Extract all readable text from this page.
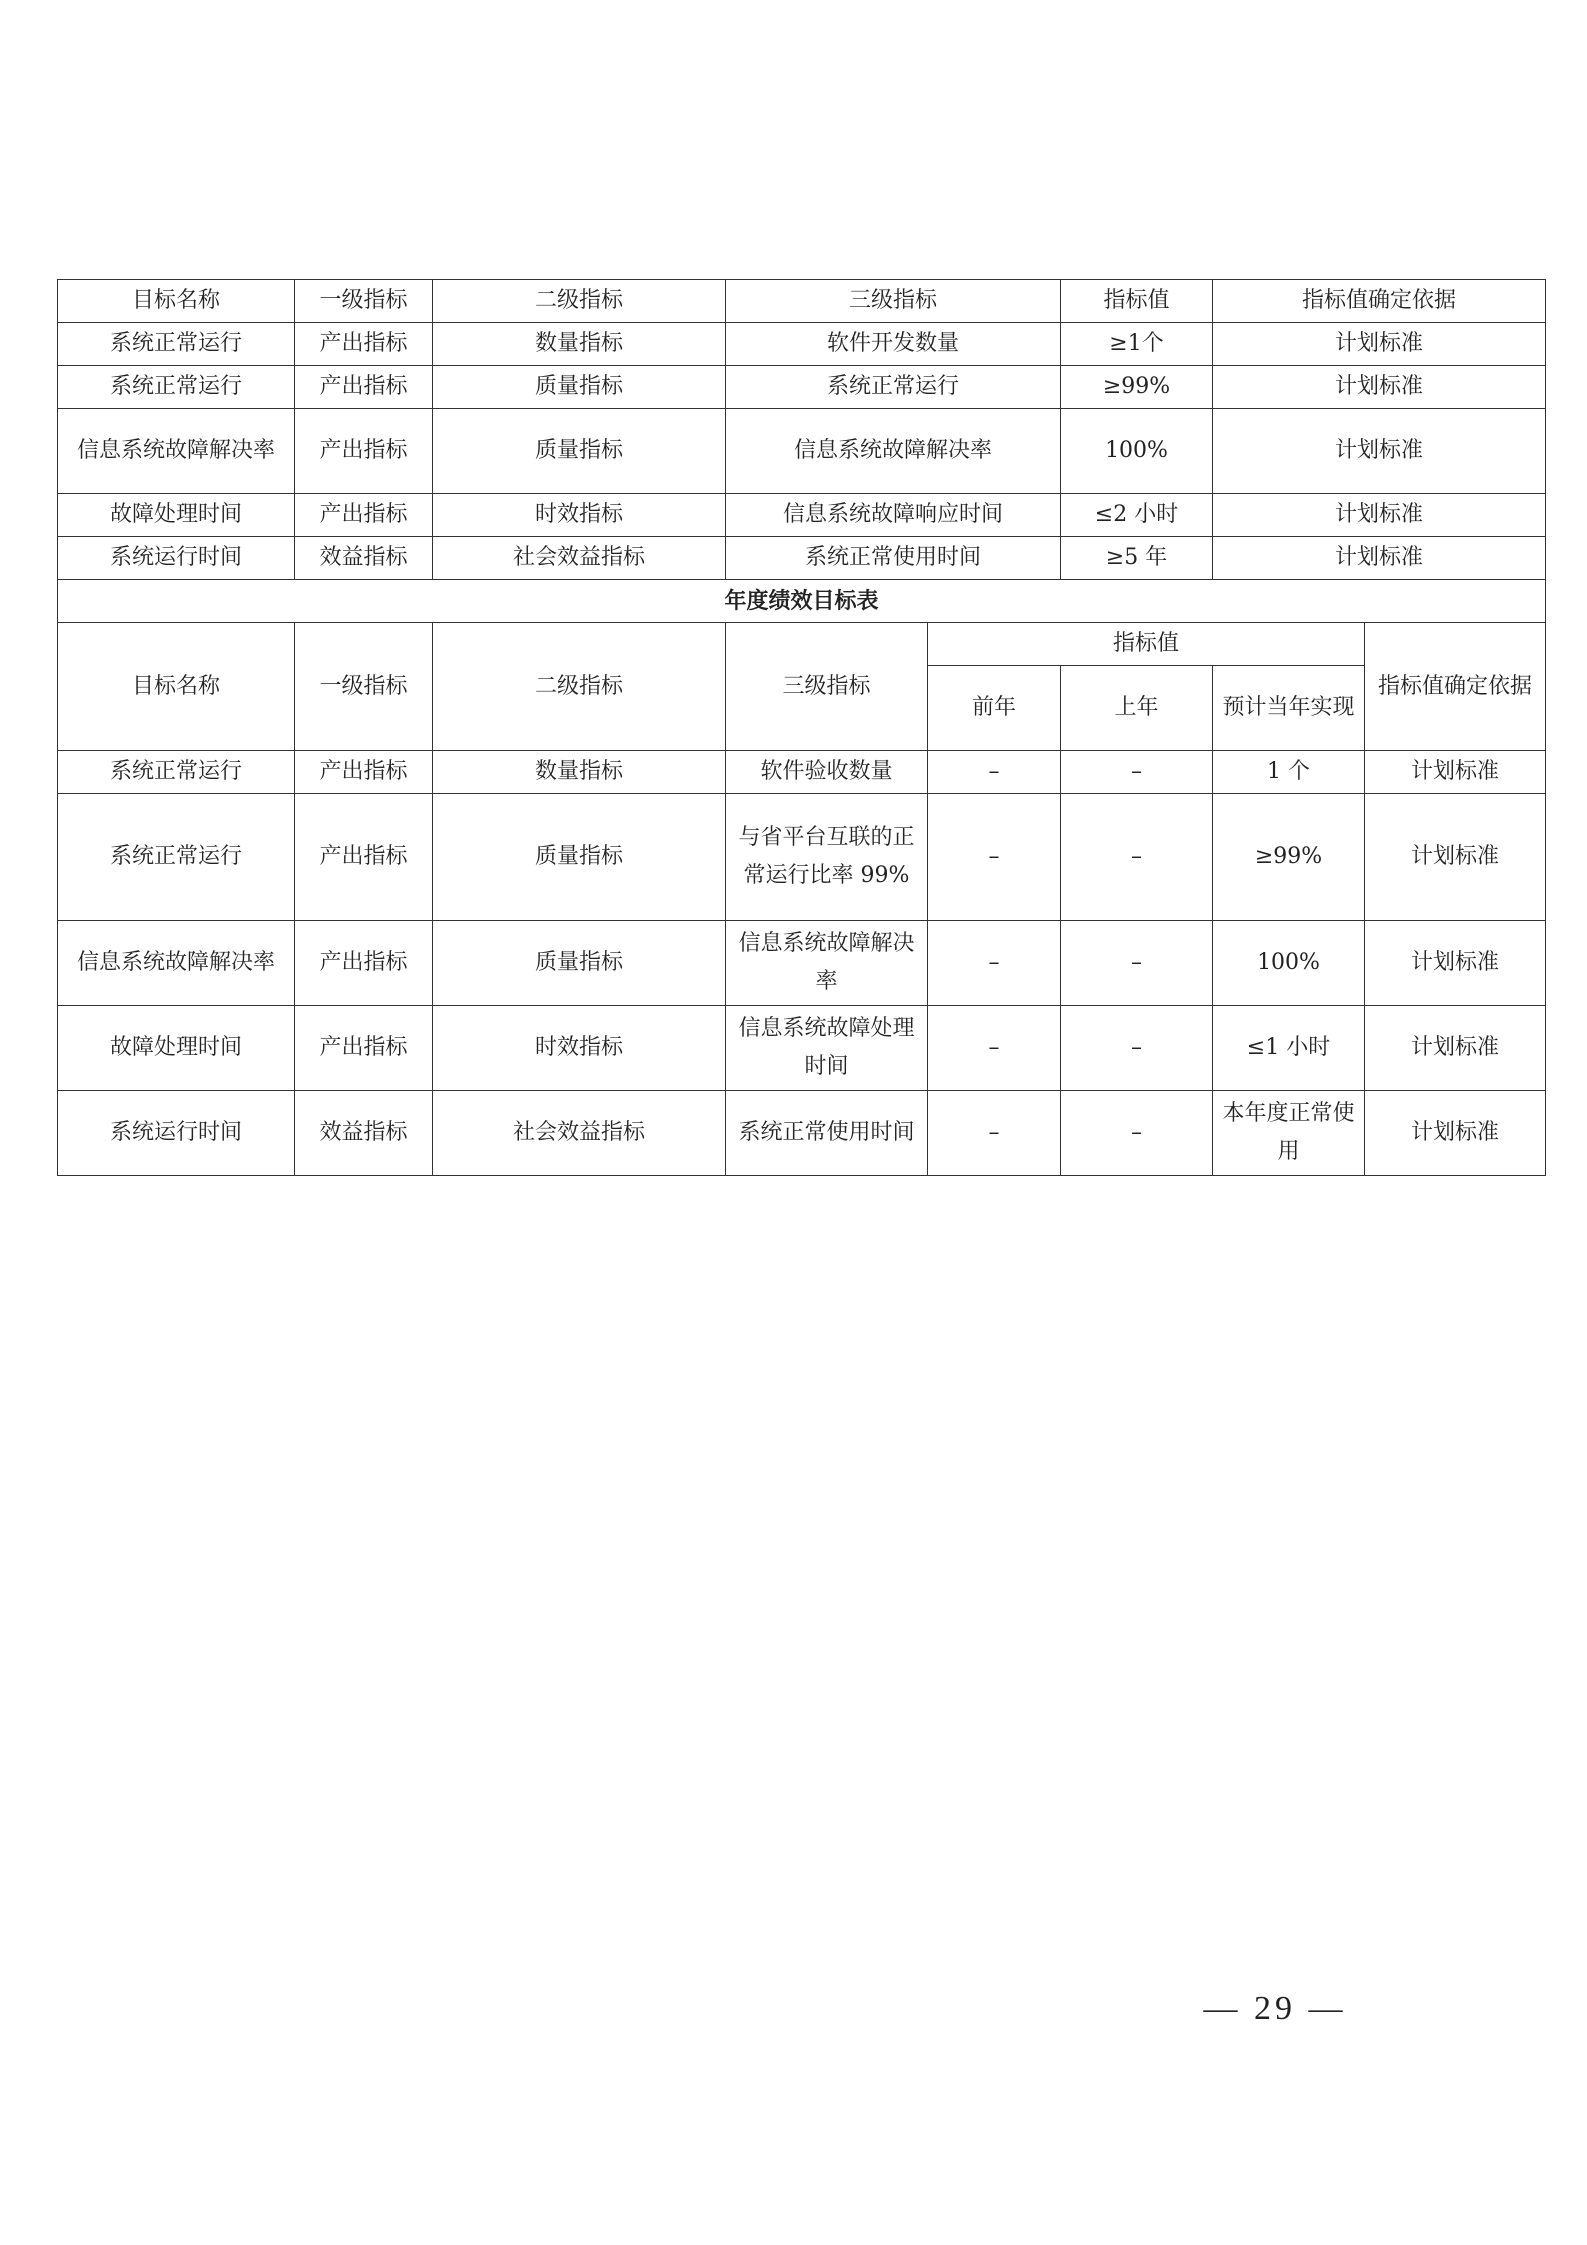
目标名称	一级指标	二级指标	三级指标		指标值	指标值确定依据	
系统正常运行	产出指标	数量指标	软件开发数量		≥1个	计划标准	
系统正常运行	产出指标	质量指标	系统正常运行		≥99%	计划标准	
信息系统故障解决率	产出指标	质量指标	信息系统故障解决率		100%	计划标准	
故障处理时间	产出指标	时效指标	信息系统故障响应时间		≤2 小时	计划标准	
系统运行时间	效益指标	社会效益指标	系统正常使用时间		≥5 年	计划标准	
年度绩效目标表							
目标名称	一级指标	二级指标	三级指标	指标值			指标值确定依据
				前年	上年	预计当年实现	
系统正常运行	产出指标	数量指标	软件验收数量	–	–	1 个	计划标准
系统正常运行	产出指标	质量指标	与省平台互联的正常运行比率 99%	–	–	≥99%	计划标准
信息系统故障解决率	产出指标	质量指标	信息系统故障解决率	–	–	100%	计划标准
故障处理时间	产出指标	时效指标	信息系统故障处理时间	–	–	≤1 小时	计划标准
系统运行时间	效益指标	社会效益指标	系统正常使用时间	–	–	本年度正常使用	计划标准
— 29 —
